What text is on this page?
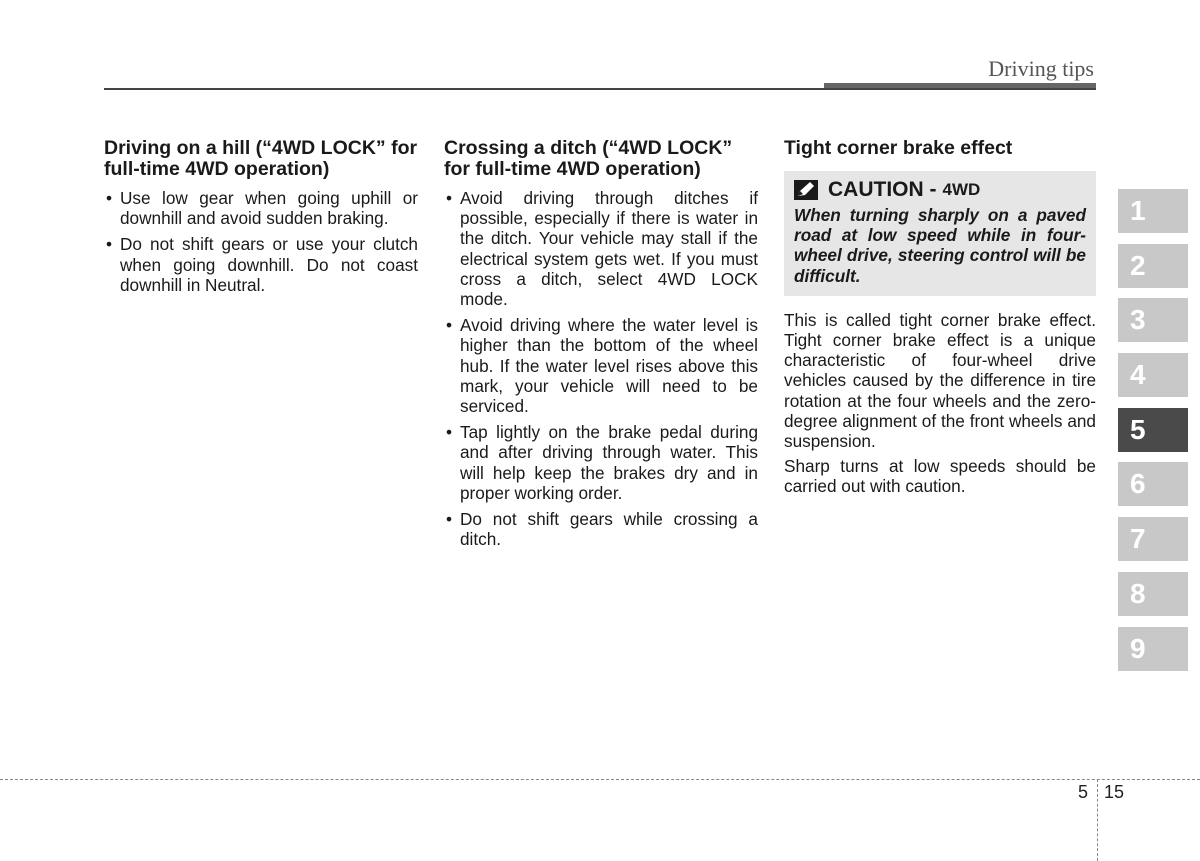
Driving tips
Driving on a hill (“4WD LOCK” for full-time 4WD operation)
• Use low gear when going uphill or downhill and avoid sudden braking.
• Do not shift gears or use your clutch when going downhill. Do not coast downhill in Neutral.
Crossing a ditch (“4WD LOCK” for full-time 4WD operation)
• Avoid driving through ditches if possible, especially if there is water in the ditch. Your vehicle may stall if the electrical system gets wet. If you must cross a ditch, select 4WD LOCK mode.
• Avoid driving where the water level is higher than the bottom of the wheel hub. If the water level rises above this mark, your vehicle will need to be serviced.
• Tap lightly on the brake pedal during and after driving through water. This will help keep the brakes dry and in proper working order.
• Do not shift gears while crossing a ditch.
Tight corner brake effect
CAUTION - 4WD

When turning sharply on a paved road at low speed while in four-wheel drive, steering control will be difficult.

This is called tight corner brake effect. Tight corner brake effect is a unique characteristic of four-wheel drive vehicles caused by the difference in tire rotation at the four wheels and the zero-degree alignment of the front wheels and suspension.

Sharp turns at low speeds should be carried out with caution.

1
2
3
4
5
6
7
8
9
5 15
